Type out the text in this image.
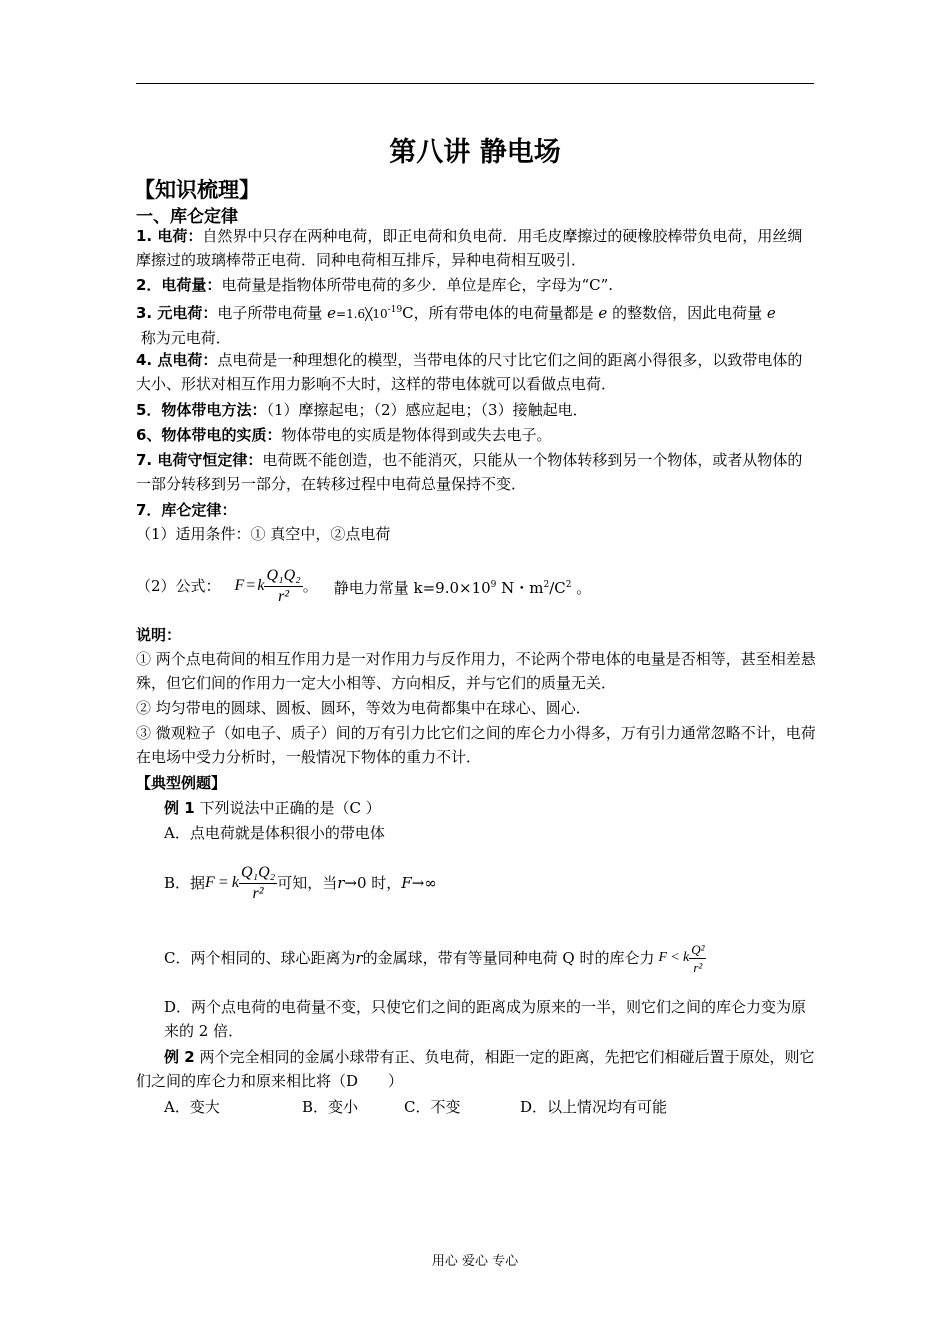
第八讲 静电场
【知识梳理】
一、库仑定律
1. 电荷：自然界中只存在两种电荷，即正电荷和负电荷．用毛皮摩擦过的硬橡胶棒带负电荷，用丝绸摩擦过的玻璃棒带正电荷．同种电荷相互排斥，异种电荷相互吸引．
2．电荷量：电荷量是指物体所带电荷的多少．单位是库仑，字母为“C”.
3. 元电荷：电子所带电荷量 $e=1.6╳10^{-19}C$，所有带电体的电荷量都是 e 的整数倍，因此电荷量 e
称为元电荷．
4. 点电荷：点电荷是一种理想化的模型，当带电体的尺寸比它们之间的距离小得很多，以致带电体的大小、形状对相互作用力影响不大时，这样的带电体就可以看做点电荷．
5．物体带电方法：（1）摩擦起电；（2）感应起电；（3）接触起电．
6、物体带电的实质：物体带电的实质是物体得到或失去电子。
7. 电荷守恒定律：电荷既不能创造，也不能消灭，只能从一个物体转移到另一个物体，或者从物体的一部分转移到另一部分，在转移过程中电荷总量保持不变．
7．库仑定律：
（1）适用条件：① 真空中，②点电荷
（2）公式： F = k $\frac{\text{Q₁Q₂}}{\text{r²}}$ 。 静电力常量 $k=9.0\times 10^9$ N・$m^2/C^2$ 。
说明：
① 两个点电荷间的相互作用力是一对作用力与反作用力，不论两个带电体的电量是否相等，甚至相差悬殊，但它们间的作用力一定大小相等、方向相反，并与它们的质量无关．
② 均匀带电的圆球、圆板、圆环，等效为电荷都集中在球心、圆心．
③ 微观粒子（如电子、质子）间的万有引力比它们之间的库仑力小得多，万有引力通常忽略不计，电荷在电场中受力分析时，一般情况下物体的重力不计．
【典型例题】
例 1 下列说法中正确的是（C ）
A．点电荷就是体积很小的带电体
B．据 F = k $\frac{\text{Q₁Q₂}}{\text{r²}}$ 可知，当 r →0 时， F →∞
C．两个相同的、球心距离为 r 的金属球，带有等量同种电荷 Q 时的库仑力 F < k $\frac{\text{Q²}}{\text{r²}}$
D．两个点电荷的电荷量不变，只使它们之间的距离成为原来的一半，则它们之间的库仑力变为原来的 2 倍．
例 2 两个完全相同的金属小球带有正、负电荷，相距一定的距离，先把它们相碰后置于原处，则它们之间的库仑力和原来相比将（D　　）
A．变大	B．变小	C．不变	D．以上情况均有可能
用心 爱心 专心
